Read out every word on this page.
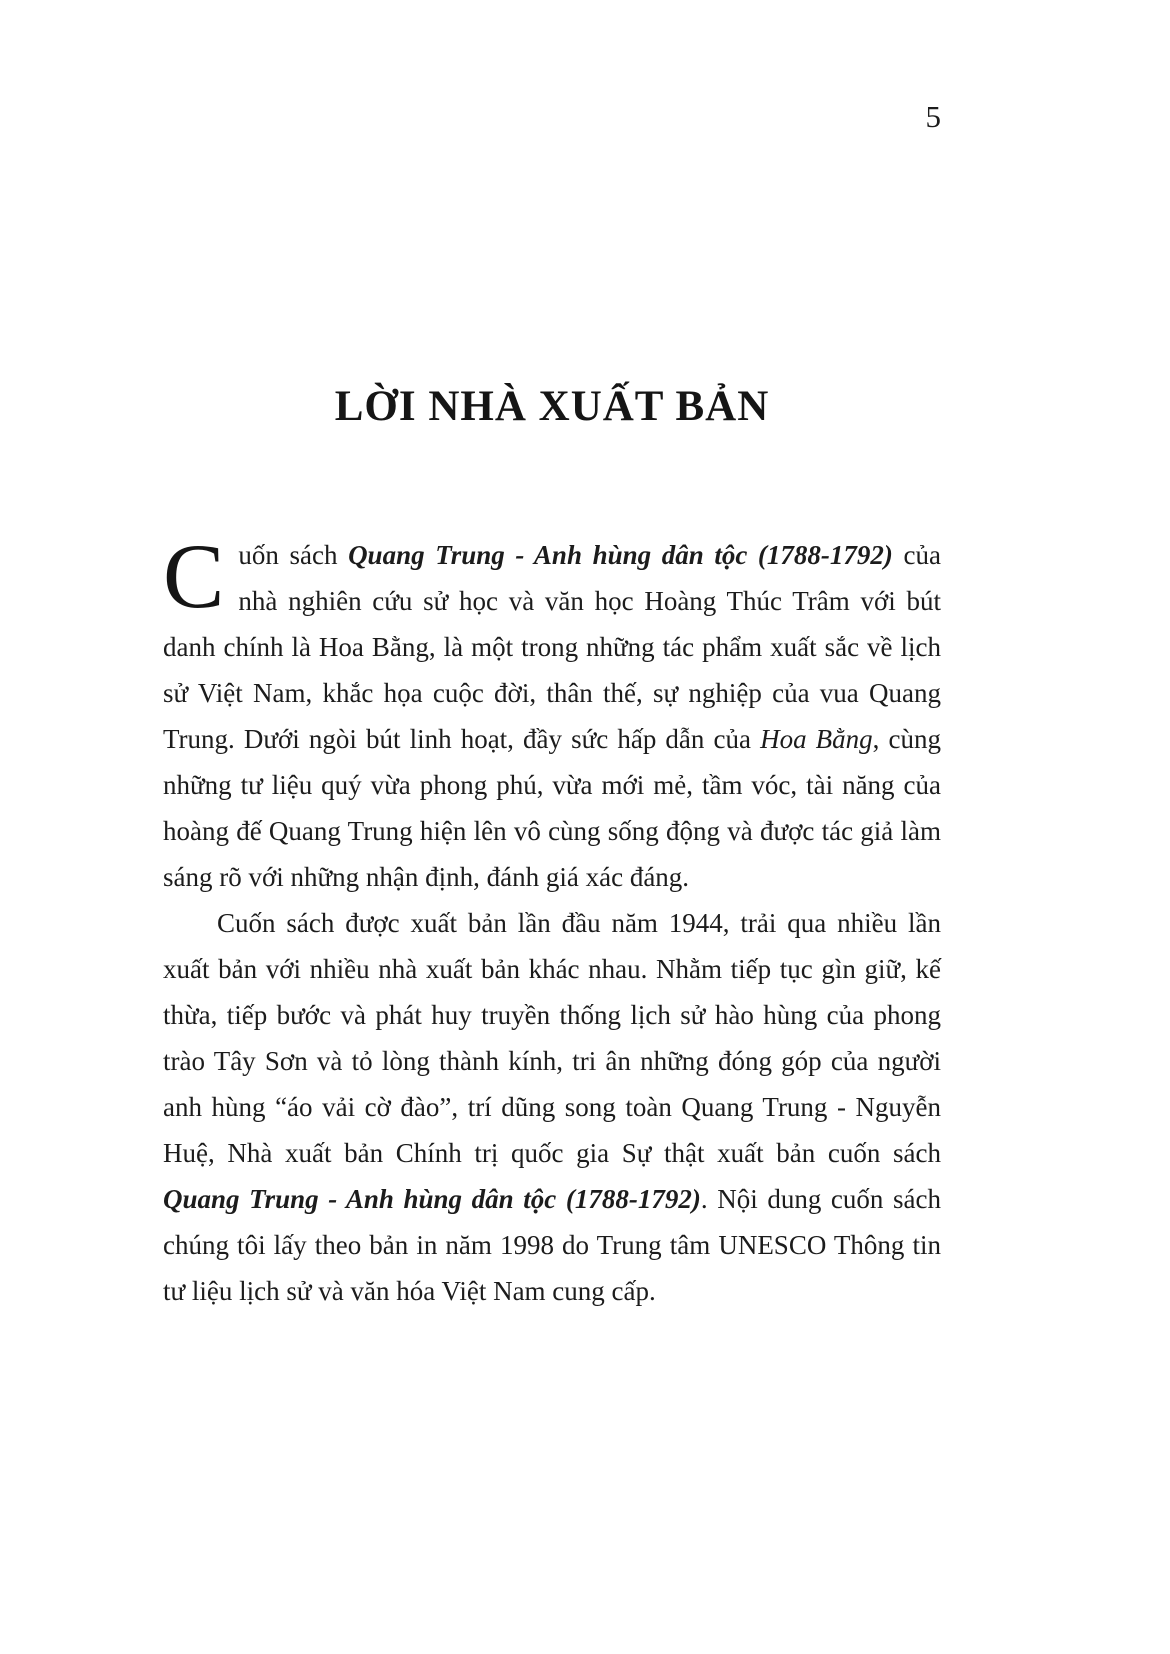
5
LỜI NHÀ XUẤT BẢN

Cuốn sách Quang Trung - Anh hùng dân tộc (1788-1792) của nhà nghiên cứu sử học và văn học Hoàng Thúc Trâm với bút danh chính là Hoa Bằng, là một trong những tác phẩm xuất sắc về lịch sử Việt Nam, khắc họa cuộc đời, thân thế, sự nghiệp của vua Quang Trung. Dưới ngòi bút linh hoạt, đầy sức hấp dẫn của Hoa Bằng, cùng những tư liệu quý vừa phong phú, vừa mới mẻ, tầm vóc, tài năng của hoàng đế Quang Trung hiện lên vô cùng sống động và được tác giả làm sáng rõ với những nhận định, đánh giá xác đáng.

Cuốn sách được xuất bản lần đầu năm 1944, trải qua nhiều lần xuất bản với nhiều nhà xuất bản khác nhau. Nhằm tiếp tục gìn giữ, kế thừa, tiếp bước và phát huy truyền thống lịch sử hào hùng của phong trào Tây Sơn và tỏ lòng thành kính, tri ân những đóng góp của người anh hùng “áo vải cờ đào”, trí dũng song toàn Quang Trung - Nguyễn Huệ, Nhà xuất bản Chính trị quốc gia Sự thật xuất bản cuốn sách Quang Trung - Anh hùng dân tộc (1788-1792). Nội dung cuốn sách chúng tôi lấy theo bản in năm 1998 do Trung tâm UNESCO Thông tin tư liệu lịch sử và văn hóa Việt Nam cung cấp.
